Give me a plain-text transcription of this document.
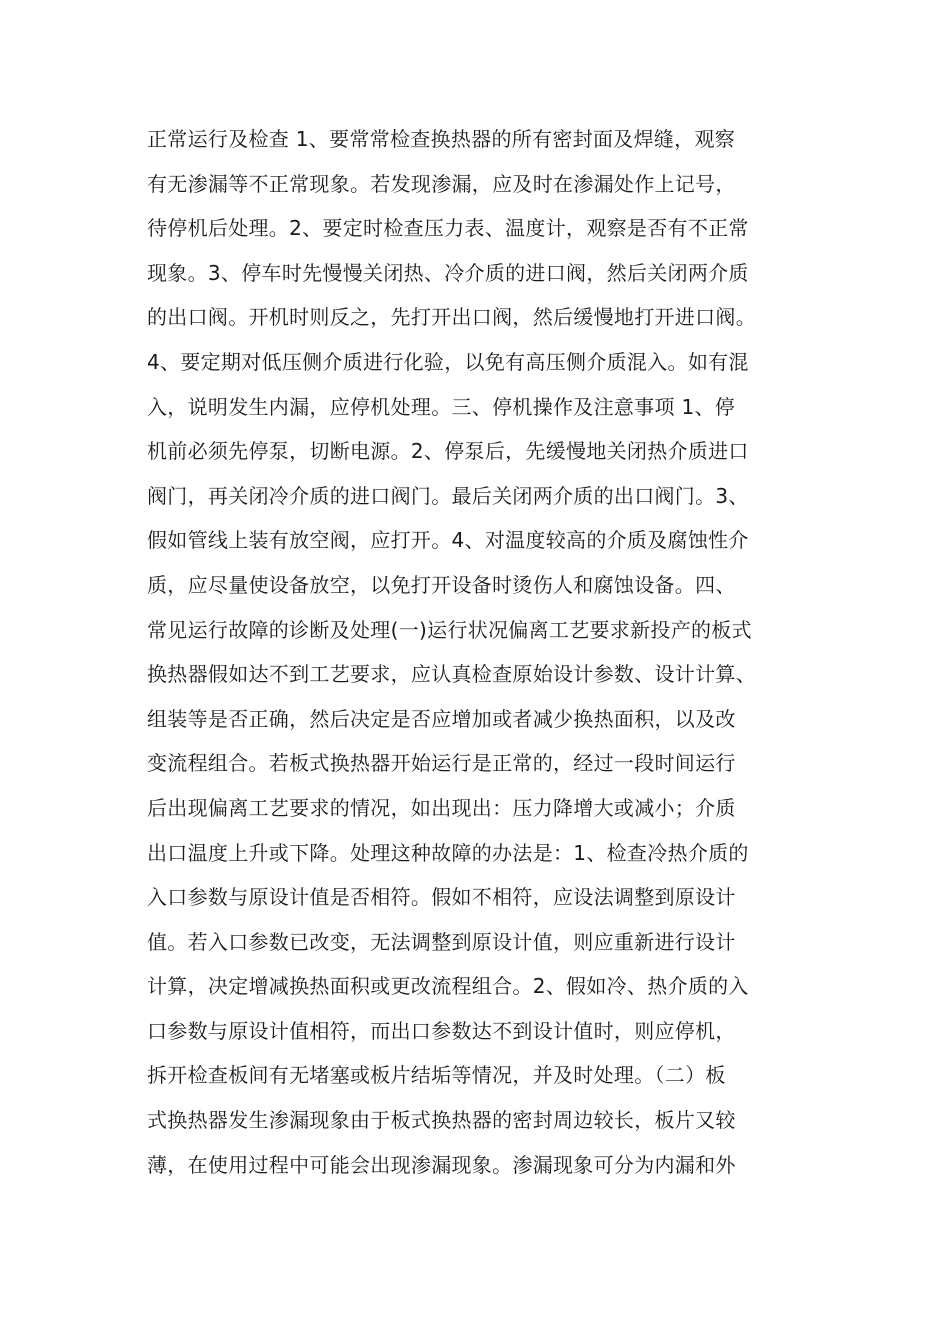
正常运行及检查 1、要常常检查换热器的所有密封面及焊缝，观察
有无渗漏等不正常现象。若发现渗漏，应及时在渗漏处作上记号，
待停机后处理。2、要定时检查压力表、温度计，观察是否有不正常
现象。3、停车时先慢慢关闭热、冷介质的进口阀，然后关闭两介质
的出口阀。开机时则反之，先打开出口阀，然后缓慢地打开进口阀。
4、要定期对低压侧介质进行化验，以免有高压侧介质混入。如有混
入，说明发生内漏，应停机处理。三、停机操作及注意事项 1、停
机前必须先停泵，切断电源。2、停泵后，先缓慢地关闭热介质进口
阀门，再关闭冷介质的进口阀门。最后关闭两介质的出口阀门。3、
假如管线上装有放空阀，应打开。4、对温度较高的介质及腐蚀性介
质，应尽量使设备放空，以免打开设备时烫伤人和腐蚀设备。四、
常见运行故障的诊断及处理(一)运行状况偏离工艺要求新投产的板式
换热器假如达不到工艺要求，应认真检查原始设计参数、设计计算、
组装等是否正确，然后决定是否应增加或者减少换热面积，以及改
变流程组合。若板式换热器开始运行是正常的，经过一段时间运行
后出现偏离工艺要求的情况，如出现出：压力降增大或减小；介质
出口温度上升或下降。处理这种故障的办法是：1、检查冷热介质的
入口参数与原设计值是否相符。假如不相符，应设法调整到原设计
值。若入口参数已改变，无法调整到原设计值，则应重新进行设计
计算，决定增减换热面积或更改流程组合。2、假如冷、热介质的入
口参数与原设计值相符，而出口参数达不到设计值时，则应停机，
拆开检查板间有无堵塞或板片结垢等情况，并及时处理。（二）板
式换热器发生渗漏现象由于板式换热器的密封周边较长，板片又较
薄，在使用过程中可能会出现渗漏现象。渗漏现象可分为内漏和外
